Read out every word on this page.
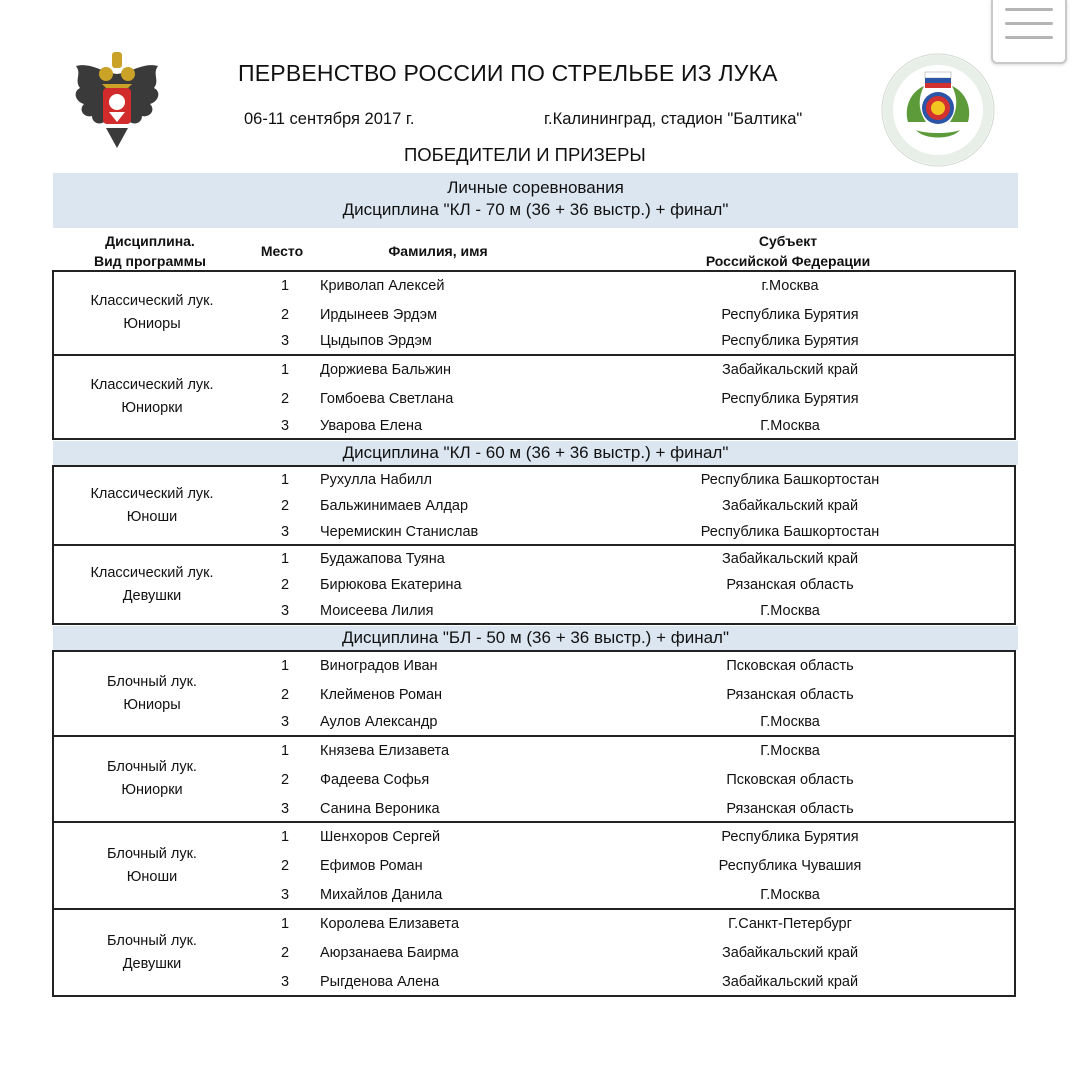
ПЕРВЕНСТВО РОССИИ ПО СТРЕЛЬБЕ ИЗ ЛУКА
06-11 сентября 2017 г.	г.Калининград, стадион "Балтика"
ПОБЕДИТЕЛИ И ПРИЗЕРЫ
Личные соревнования
Дисциплина "КЛ - 70 м (36 + 36 выстр.) + финал"
Дисциплина.
Вид программы
Место	Фамилия, имя
Субъект
Российской Федерации
Классический лук.
Юниоры
1	Криволап Алексей	г.Москва
2	Ирдынеев Эрдэм	Республика Бурятия
3	Цыдыпов Эрдэм	Республика Бурятия
Классический лук.
Юниорки
1	Доржиева Бальжин	Забайкальский край
2	Гомбоева Светлана	Республика Бурятия
3	Уварова Елена	Г.Москва
Дисциплина "КЛ - 60 м (36 + 36 выстр.) + финал"
Классический лук.
Юноши
1	Рухулла Набилл	Республика Башкортостан
2	Бальжинимаев Алдар	Забайкальский край
3	Черемискин Станислав	Республика Башкортостан
Классический лук.
Девушки
1	Будажапова Туяна	Забайкальский край
2	Бирюкова Екатерина	Рязанская область
3	Моисеева Лилия	Г.Москва
Дисциплина "БЛ - 50 м (36 + 36 выстр.) + финал"
Блочный лук.
Юниоры
1	Виноградов Иван	Псковская область
2	Клейменов Роман	Рязанская область
3	Аулов Александр	Г.Москва
Блочный лук.
Юниорки
1	Князева Елизавета	Г.Москва
2	Фадеева Софья	Псковская область
3	Санина Вероника	Рязанская область
Блочный лук.
Юноши
1	Шенхоров Сергей	Республика Бурятия
2	Ефимов Роман	Республика Чувашия
3	Михайлов Данила	Г.Москва
Блочный лук.
Девушки
1	Королева Елизавета	Г.Санкт-Петербург
2	Аюрзанаева Баирма	Забайкальский край
3	Рыгденова Алена	Забайкальский край
